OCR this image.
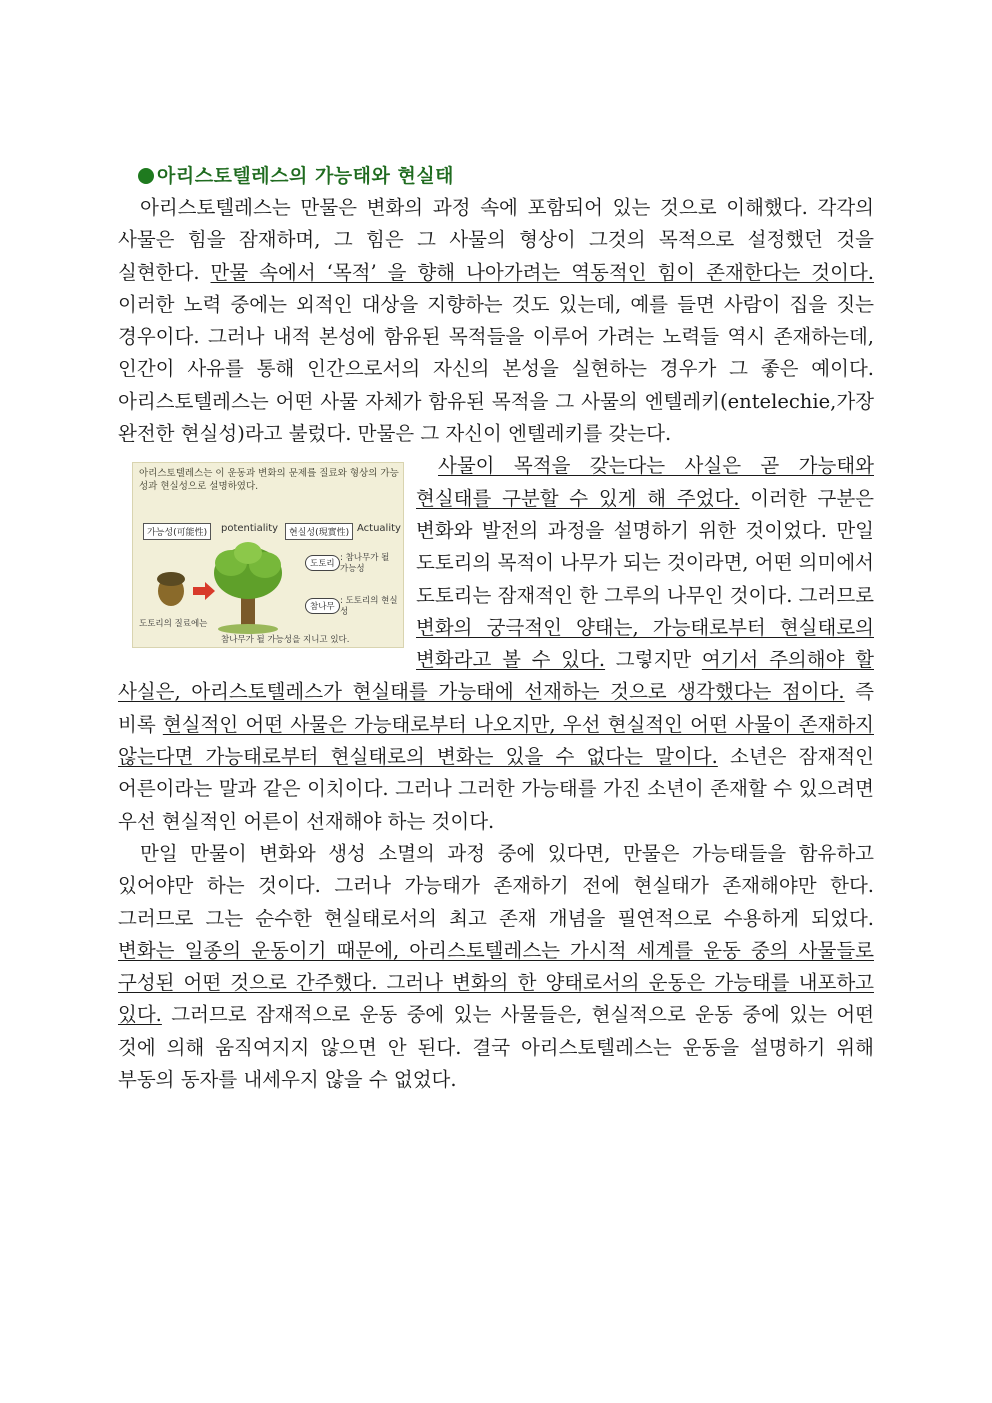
아리스토텔레스의 가능태와 현실태

아리스토텔레스는 만물은 변화의 과정 속에 포함되어 있는 것으로 이해했다. 각각의 사물은 힘을 잠재하며, 그 힘은 그 사물의 형상이 그것의 목적으로 설정했던 것을 실현한다. 만물 속에서 ‘목적’ 을 향해 나아가려는 역동적인 힘이 존재한다는 것이다. 이러한 노력 중에는 외적인 대상을 지향하는 것도 있는데, 예를 들면 사람이 집을 짓는 경우이다. 그러나 내적 본성에 함유된 목적들을 이루어 가려는 노력들 역시 존재하는데, 인간이 사유를 통해 인간으로서의 자신의 본성을 실현하는 경우가 그 좋은 예이다. 아리스토텔레스는 어떤 사물 자체가 함유된 목적을 그 사물의 엔텔레키(entelechie,가장 완전한 현실성)라고 불렀다. 만물은 그 자신이 엔텔레키를 갖는다.

아리스토텔레스는 이 운동과 변화의 문제를 질료와 형상의 가능성과 현실성으로 설명하였다.
가능성(可能性)	potentiality	현실성(現實性) Actuality
도토리
: 참나무가 될 가능성
참나무
: 도토리의 현실성
도토리의 질료에는
참나무가 될 가능성을 지니고 있다.

사물이 목적을 갖는다는 사실은 곧 가능태와 현실태를 구분할 수 있게 해 주었다. 이러한 구분은 변화와 발전의 과정을 설명하기 위한 것이었다. 만일 도토리의 목적이 나무가 되는 것이라면, 어떤 의미에서 도토리는 잠재적인 한 그루의 나무인 것이다. 그러므로 변화의 궁극적인 양태는, 가능태로부터 현실태로의 변화라고 볼 수 있다. 그렇지만 여기서 주의해야 할 사실은, 아리스토텔레스가 현실태를 가능태에 선재하는 것으로 생각했다는 점이다. 즉 비록 현실적인 어떤 사물은 가능태로부터 나오지만, 우선 현실적인 어떤 사물이 존재하지 않는다면 가능태로부터 현실태로의 변화는 있을 수 없다는 말이다. 소년은 잠재적인 어른이라는 말과 같은 이치이다. 그러나 그러한 가능태를 가진 소년이 존재할 수 있으려면 우선 현실적인 어른이 선재해야 하는 것이다.

만일 만물이 변화와 생성 소멸의 과정 중에 있다면, 만물은 가능태들을 함유하고 있어야만 하는 것이다. 그러나 가능태가 존재하기 전에 현실태가 존재해야만 한다. 그러므로 그는 순수한 현실태로서의 최고 존재 개념을 필연적으로 수용하게 되었다. 변화는 일종의 운동이기 때문에, 아리스토텔레스는 가시적 세계를 운동 중의 사물들로 구성된 어떤 것으로 간주했다. 그러나 변화의 한 양태로서의 운동은 가능태를 내포하고 있다. 그러므로 잠재적으로 운동 중에 있는 사물들은, 현실적으로 운동 중에 있는 어떤 것에 의해 움직여지지 않으면 안 된다. 결국 아리스토텔레스는 운동을 설명하기 위해 부동의 동자를 내세우지 않을 수 없었다.
